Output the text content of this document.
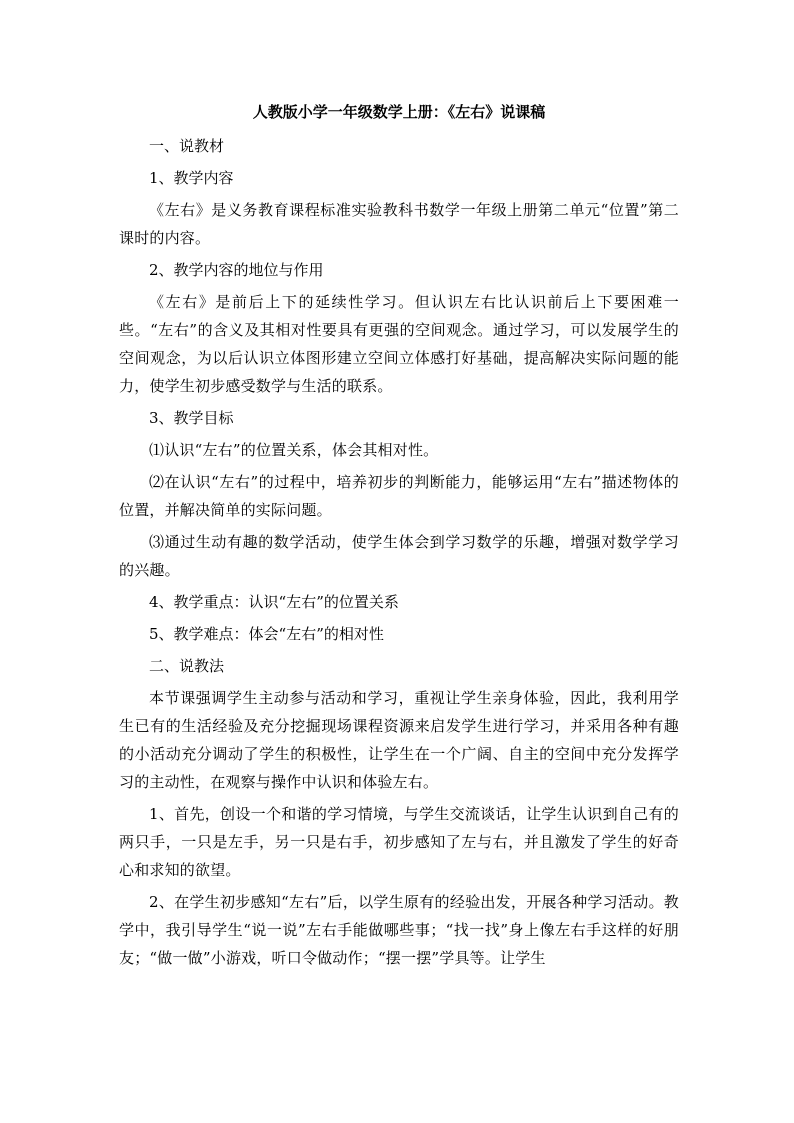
人教版小学一年级数学上册：《左右》说课稿
一、说教材
1、教学内容
《左右》是义务教育课程标准实验教科书数学一年级上册第二单元“位置”第二课时的内容。
2、教学内容的地位与作用
《左右》是前后上下的延续性学习。但认识左右比认识前后上下要困难一些。“左右”的含义及其相对性要具有更强的空间观念。通过学习，可以发展学生的空间观念，为以后认识立体图形建立空间立体感打好基础，提高解决实际问题的能力，使学生初步感受数学与生活的联系。
3、教学目标
⑴认识“左右”的位置关系，体会其相对性。
⑵在认识“左右”的过程中，培养初步的判断能力，能够运用“左右”描述物体的位置，并解决简单的实际问题。
⑶通过生动有趣的数学活动，使学生体会到学习数学的乐趣，增强对数学学习的兴趣。
4、教学重点：认识“左右”的位置关系
5、教学难点：体会“左右”的相对性
二、说教法
本节课强调学生主动参与活动和学习，重视让学生亲身体验，因此，我利用学生已有的生活经验及充分挖掘现场课程资源来启发学生进行学习，并采用各种有趣的小活动充分调动了学生的积极性，让学生在一个广阔、自主的空间中充分发挥学习的主动性，在观察与操作中认识和体验左右。
1、首先，创设一个和谐的学习情境，与学生交流谈话，让学生认识到自己有的两只手，一只是左手，另一只是右手，初步感知了左与右，并且激发了学生的好奇心和求知的欲望。
2、在学生初步感知“左右”后，以学生原有的经验出发，开展各种学习活动。教学中，我引导学生“说一说”左右手能做哪些事；“找一找”身上像左右手这样的好朋友；“做一做”小游戏，听口令做动作；“摆一摆”学具等。让学生
